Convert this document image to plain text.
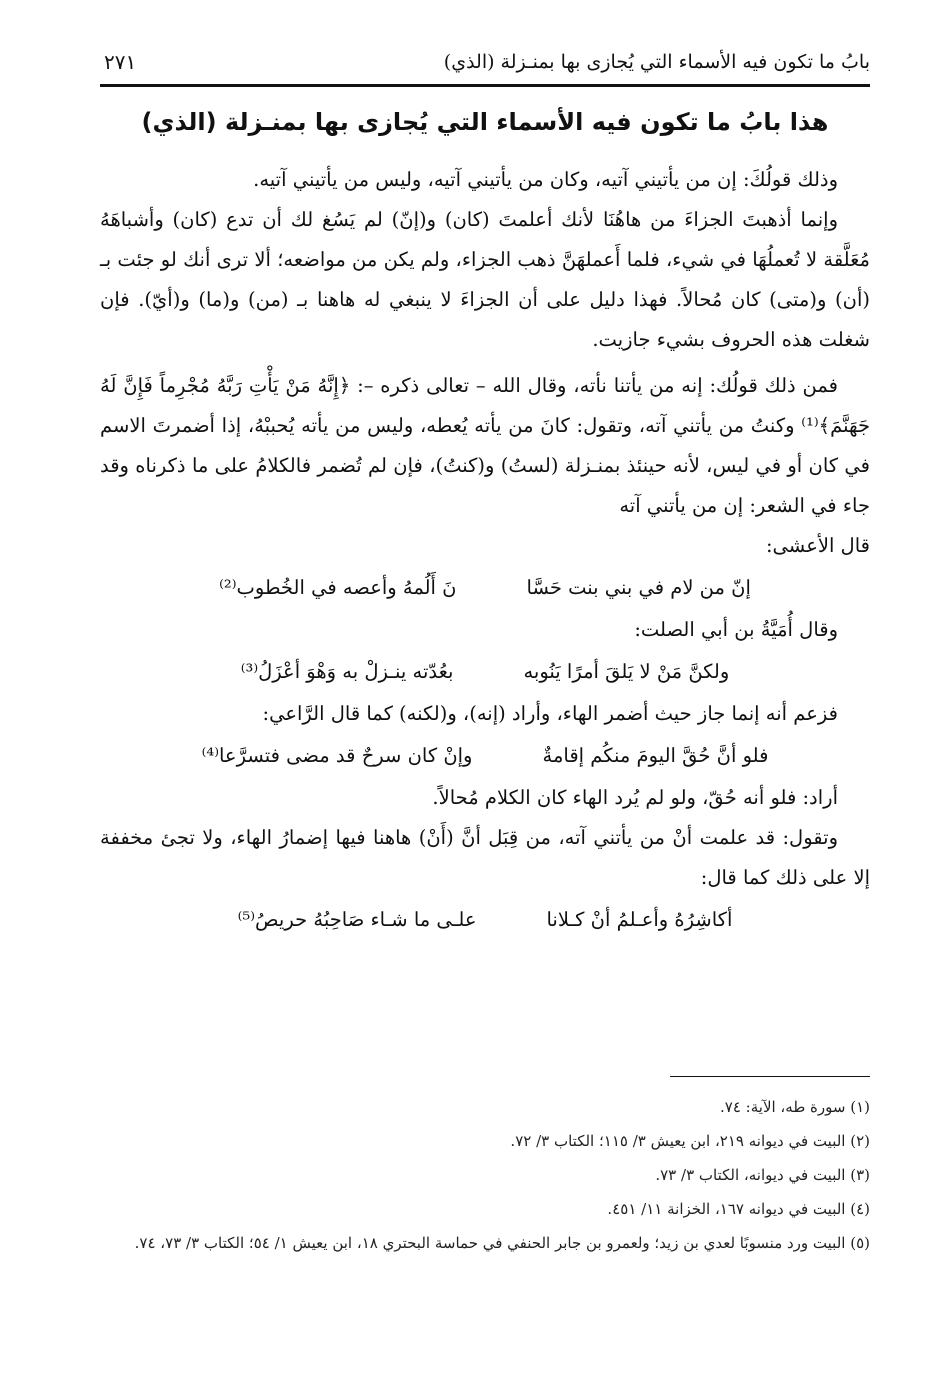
بابُ ما تكون فيه الأسماء التي يُجازى بها بمنـزلة (الذي)
٢٧١
هذا بابُ ما تكون فيه الأسماء التي يُجازى بها بمنـزلة (الذي)

وذلك قولُكَ: إن من يأتيني آتيه، وكان من يأتيني آتيه، وليس من يأتيني آتيه.

وإنما أذهبتَ الجزاءَ من هاهُنَا لأنك أعلمتَ (كان) و(إنّ) لم يَسُغ لك أن تدع (كان) وأشباهَهُ مُعَلَّقة لا تُعملُهَا في شيء، فلما أَعملهَنَّ ذهب الجزاء، ولم يكن من مواضعه؛ ألا ترى أنك لو جئت بـ (أن) و(متى) كان مُحالاً. فهذا دليل على أن الجزاءَ لا ينبغي له هاهنا بـ (من) و(ما) و(أيّ). فإن شغلت هذه الحروف بشيء جازيت.

فمن ذلك قولُك: إنه من يأتنا نأته، وقال الله – تعالى ذكره –: ﴿إِنَّهُ مَنْ يَأْتِ رَبَّهُ مُجْرِماً فَإِنَّ لَهُ جَهَنَّمَ﴾⁽¹⁾ وكنتُ من يأتني آته، وتقول: كانَ من يأته يُعطه، وليس من يأته يُحببْهُ، إذا أضمرتَ الاسم في كان أو في ليس، لأنه حينئذ بمنـزلة (لستُ) و(كنتُ)، فإن لم تُضمر فالكلامُ على ما ذكرناه وقد جاء في الشعر: إن من يأتني آته

قال الأعشى:

إنّ من لام في بني بنت حَسَّا
نَ أَلُمهُ وأعصه في الخُطوب⁽²⁾

وقال أُمَيَّةُ بن أبي الصلت:

ولكنَّ مَنْ لا يَلقَ أمرًا يَنُوبه
بعُدّته ينـزلْ به وَهْوَ أعْزَلُ⁽³⁾

فزعم أنه إنما جاز حيث أضمر الهاء، وأراد (إنه)، و(لكنه) كما قال الرَّاعي:

فلو أنَّ حُقَّ اليومَ منكُم إقامةٌ
وإنْ كان سرحٌ قد مضى فتسرَّعا⁽⁴⁾

أراد: فلو أنه حُقّ، ولو لم يُرد الهاء كان الكلام مُحالاً.

وتقول: قد علمت أنْ من يأتني آته، من قِبَل أنَّ (أَنْ) هاهنا فيها إضمارُ الهاء، ولا تجئ مخففة إلا على ذلك كما قال:

أكاشِرُهُ وأعـلمُ أنْ كـلانا
علـى ما شـاء صَاحِبُهُ حريصُ⁽⁵⁾

(١) سورة طه، الآية: ٧٤.

(٢) البيت في ديوانه ٢١٩، ابن يعيش ٣/ ١١٥؛ الكتاب ٣/ ٧٢.

(٣) البيت في ديوانه، الكتاب ٣/ ٧٣.

(٤) البيت في ديوانه ١٦٧، الخزانة ١١/ ٤٥١.

(٥) البيت ورد منسوبًا لعدي بن زيد؛ ولعمرو بن جابر الحنفي في حماسة البحتري ١٨، ابن يعيش ١/ ٥٤؛ الكتاب ٣/ ٧٣، ٧٤.
